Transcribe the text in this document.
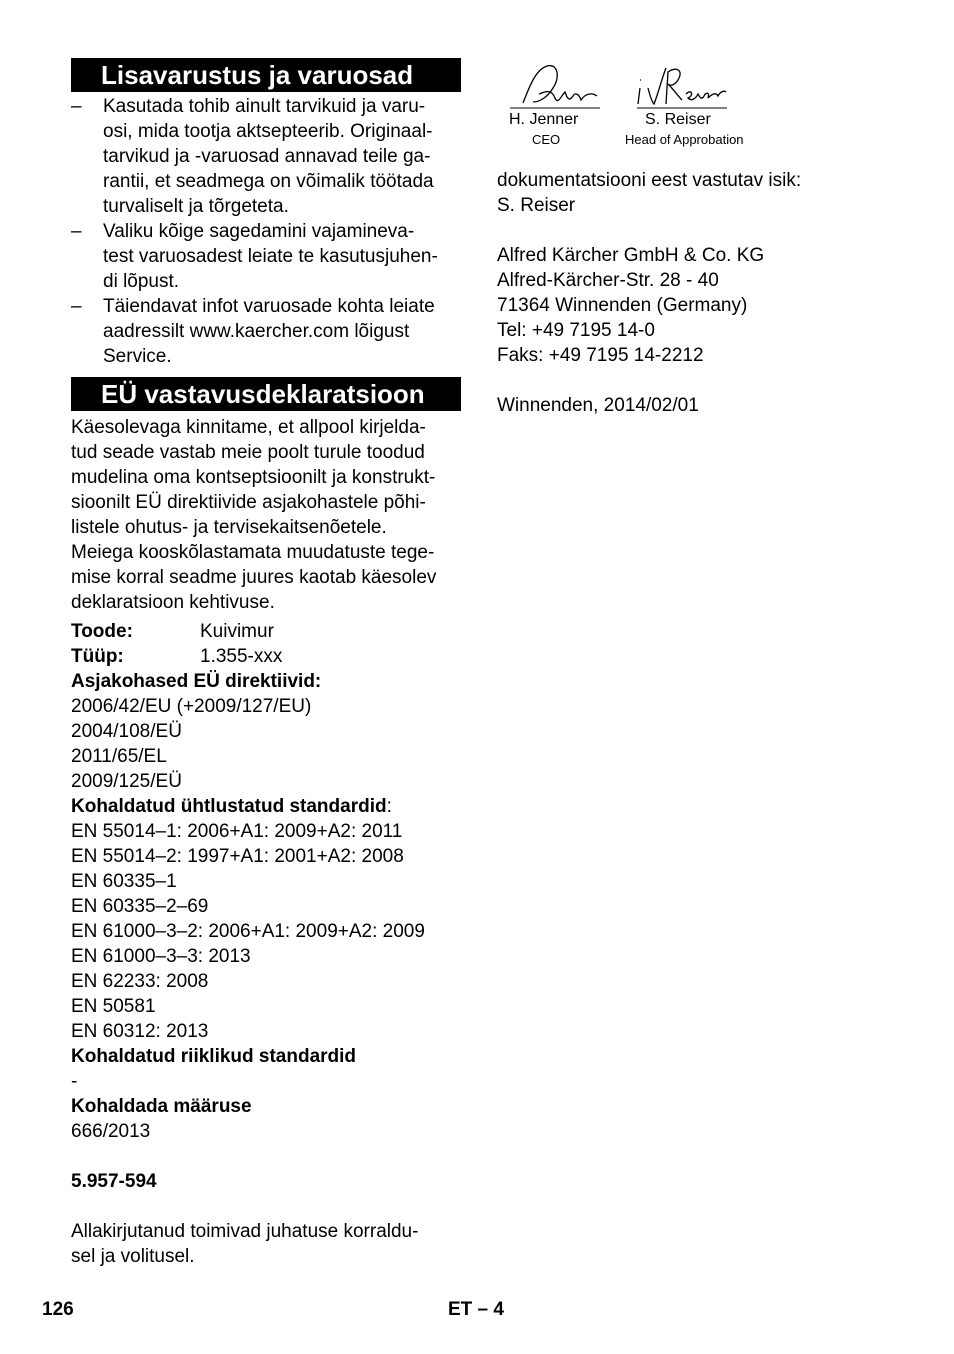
Lisavarustus ja varuosad
– Kasutada tohib ainult tarvikuid ja varu-
osi, mida tootja aktsepteerib. Originaal-
tarvikud ja -varuosad annavad teile ga-
rantii, et seadmega on võimalik töötada
turvaliselt ja tõrgeteta.
– Valiku kõige sagedamini vajamineva-
test varuosadest leiate te kasutusjuhen-
di lõpust.
– Täiendavat infot varuosade kohta leiate
aadressilt www.kaercher.com lõigust
Service.
EÜ vastavusdeklaratsioon

Käesolevaga kinnitame, et allpool kirjelda-
tud seade vastab meie poolt turule toodud
mudelina oma kontseptsioonilt ja konstrukt-
sioonilt EÜ direktiivide asjakohastele põhi-
listele ohutus- ja tervisekaitsenõetele.
Meiega kooskõlastamata muudatuste tege-
mise korral seadme juures kaotab käesolev
deklaratsioon kehtivuse.

Toode:	Kuivimur
Tüüp:	1.355-xxx

Asjakohased EÜ direktiivid:

2006/42/EU (+2009/127/EU)

2004/108/EÜ

2011/65/EL

2009/125/EÜ

Kohaldatud ühtlustatud standardid:

EN 55014–1: 2006+A1: 2009+A2: 2011

EN 55014–2: 1997+A1: 2001+A2: 2008

EN 60335–1

EN 60335–2–69

EN 61000–3–2: 2006+A1: 2009+A2: 2009

EN 61000–3–3: 2013

EN 62233: 2008

EN 50581

EN 60312: 2013

Kohaldatud riiklikud standardid

-

Kohaldada määruse

666/2013

5.957-594

Allakirjutanud toimivad juhatuse korraldu-
sel ja volitusel.

H. Jenner
CEO
S. Reiser
Head of Approbation

dokumentatsiooni eest vastutav isik:
S. Reiser

Alfred Kärcher GmbH & Co. KG
Alfred-Kärcher-Str. 28 - 40
71364 Winnenden (Germany)
Tel: +49 7195 14-0
Faks: +49 7195 14-2212

Winnenden, 2014/02/01

126	ET – 4
